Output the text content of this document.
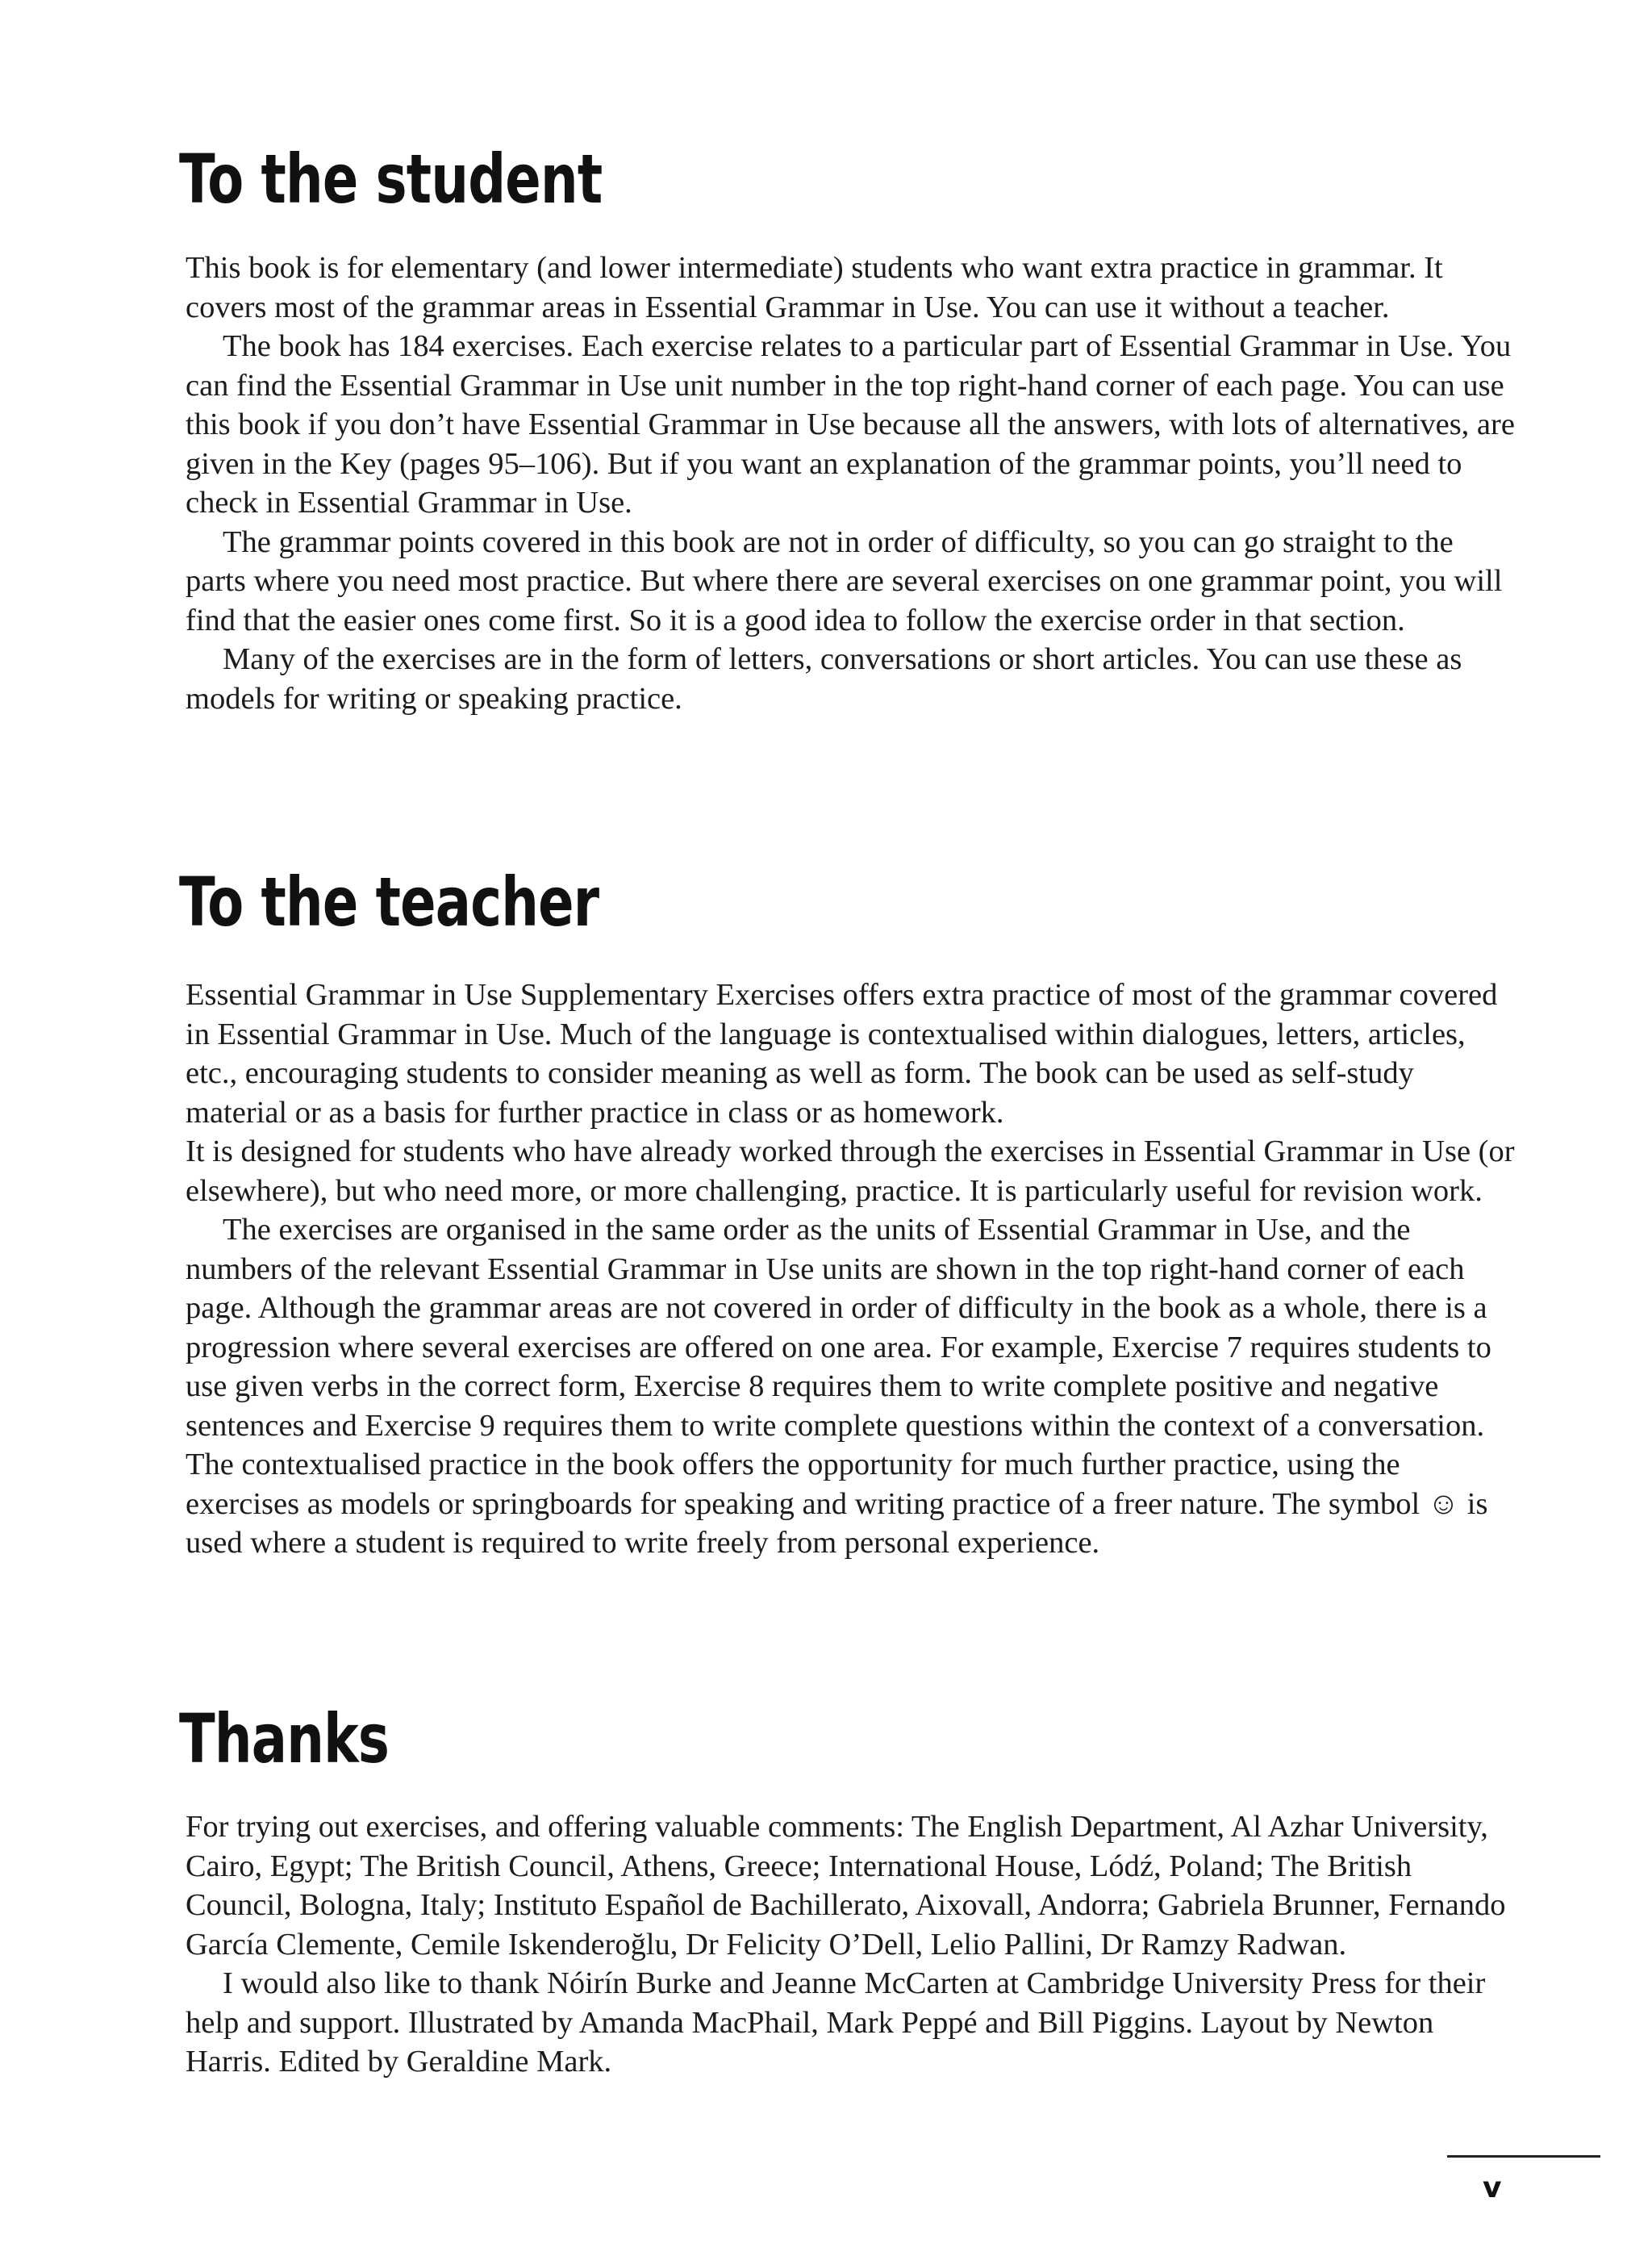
To the student

This book is for elementary (and lower intermediate) students who want extra practice in grammar. It covers most of the grammar areas in Essential Grammar in Use. You can use it without a teacher.

The book has 184 exercises. Each exercise relates to a particular part of Essential Grammar in Use. You can find the Essential Grammar in Use unit number in the top right-hand corner of each page. You can use this book if you don’t have Essential Grammar in Use because all the answers, with lots of alternatives, are given in the Key (pages 95–106). But if you want an explanation of the grammar points, you’ll need to check in Essential Grammar in Use.

The grammar points covered in this book are not in order of difficulty, so you can go straight to the parts where you need most practice. But where there are several exercises on one grammar point, you will find that the easier ones come first. So it is a good idea to follow the exercise order in that section.

Many of the exercises are in the form of letters, conversations or short articles. You can use these as models for writing or speaking practice.

To the teacher

Essential Grammar in Use Supplementary Exercises offers extra practice of most of the grammar covered in Essential Grammar in Use. Much of the language is contextualised within dialogues, letters, articles, etc., encouraging students to consider meaning as well as form. The book can be used as self-study material or as a basis for further practice in class or as homework.

It is designed for students who have already worked through the exercises in Essential Grammar in Use (or elsewhere), but who need more, or more challenging, practice. It is particularly useful for revision work.

The exercises are organised in the same order as the units of Essential Grammar in Use, and the numbers of the relevant Essential Grammar in Use units are shown in the top right-hand corner of each page. Although the grammar areas are not covered in order of difficulty in the book as a whole, there is a progression where several exercises are offered on one area. For example, Exercise 7 requires students to use given verbs in the correct form, Exercise 8 requires them to write complete positive and negative sentences and Exercise 9 requires them to write complete questions within the context of a conversation. The contextualised practice in the book offers the opportunity for much further practice, using the exercises as models or springboards for speaking and writing practice of a freer nature. The symbol ☺ is used where a student is required to write freely from personal experience.

Thanks

For trying out exercises, and offering valuable comments: The English Department, Al Azhar University, Cairo, Egypt; The British Council, Athens, Greece; International House, Lódź, Poland; The British Council, Bologna, Italy; Instituto Español de Bachillerato, Aixovall, Andorra; Gabriela Brunner, Fernando García Clemente, Cemile Iskenderoğlu, Dr Felicity O’Dell, Lelio Pallini, Dr Ramzy Radwan.

I would also like to thank Nóirín Burke and Jeanne McCarten at Cambridge University Press for their help and support. Illustrated by Amanda MacPhail, Mark Peppé and Bill Piggins. Layout by Newton Harris. Edited by Geraldine Mark.

v
